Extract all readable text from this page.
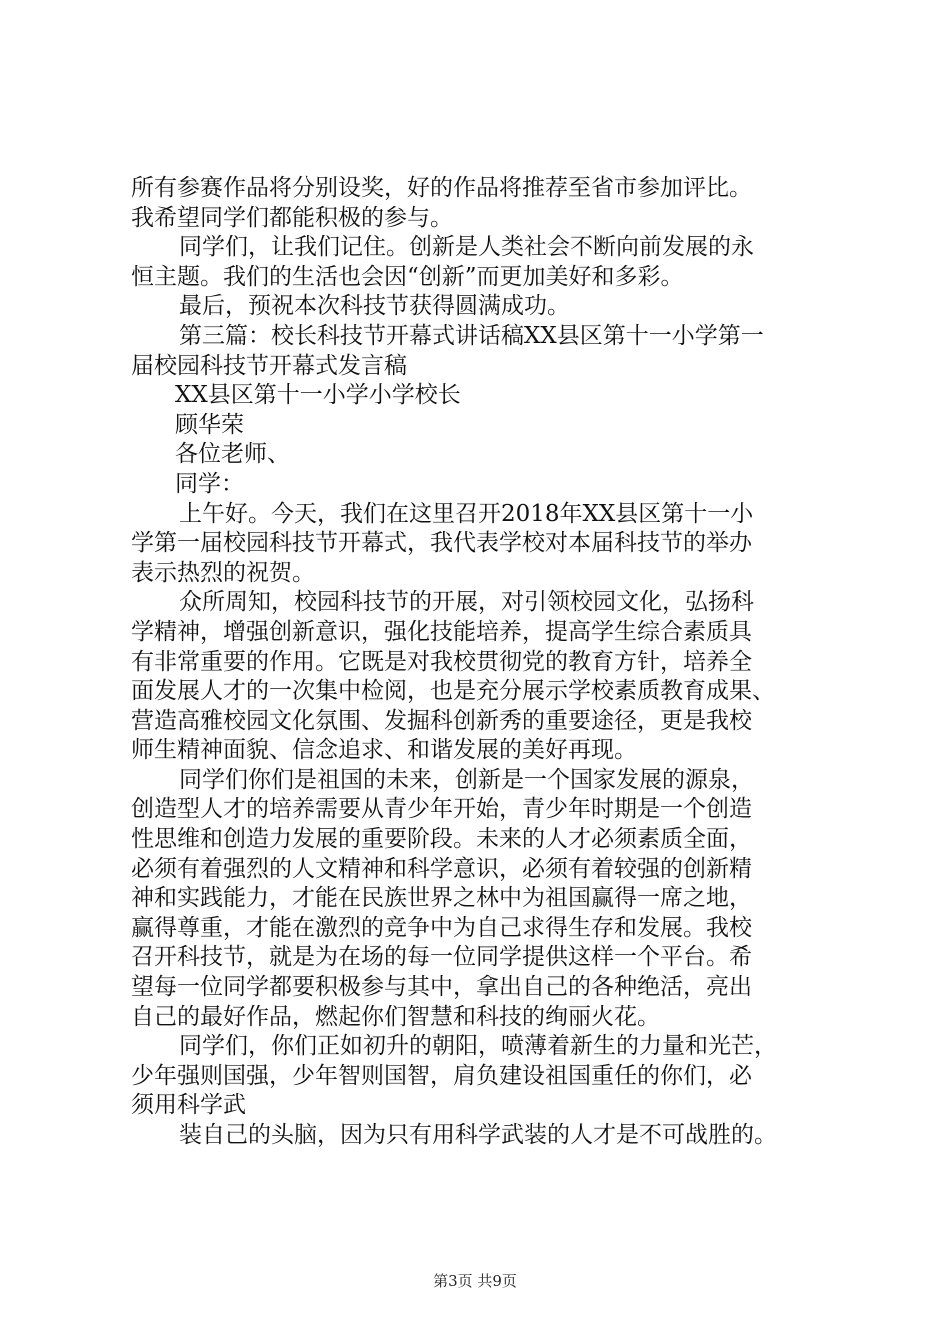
所有参赛作品将分别设奖，好的作品将推荐至省市参加评比。
我希望同学们都能积极的参与。
同学们，让我们记住。创新是人类社会不断向前发展的永
恒主题。我们的生活也会因“创新”而更加美好和多彩。
最后，预祝本次科技节获得圆满成功。
第三篇：校长科技节开幕式讲话稿XX县区第十一小学第一
届校园科技节开幕式发言稿
XX县区第十一小学小学校长
顾华荣
各位老师、
同学：
上午好。今天，我们在这里召开2018年XX县区第十一小
学第一届校园科技节开幕式，我代表学校对本届科技节的举办
表示热烈的祝贺。
众所周知，校园科技节的开展，对引领校园文化，弘扬科
学精神，增强创新意识，强化技能培养，提高学生综合素质具
有非常重要的作用。它既是对我校贯彻党的教育方针，培养全
面发展人才的一次集中检阅，也是充分展示学校素质教育成果、
营造高雅校园文化氛围、发掘科创新秀的重要途径，更是我校
师生精神面貌、信念追求、和谐发展的美好再现。
同学们你们是祖国的未来，创新是一个国家发展的源泉，
创造型人才的培养需要从青少年开始，青少年时期是一个创造
性思维和创造力发展的重要阶段。未来的人才必须素质全面，
必须有着强烈的人文精神和科学意识，必须有着较强的创新精
神和实践能力，才能在民族世界之林中为祖国赢得一席之地，
赢得尊重，才能在激烈的竞争中为自己求得生存和发展。我校
召开科技节，就是为在场的每一位同学提供这样一个平台。希
望每一位同学都要积极参与其中，拿出自己的各种绝活，亮出
自己的最好作品，燃起你们智慧和科技的绚丽火花。
同学们，你们正如初升的朝阳，喷薄着新生的力量和光芒，
少年强则国强，少年智则国智，肩负建设祖国重任的你们，必
须用科学武
装自己的头脑，因为只有用科学武装的人才是不可战胜的。
第3页 共9页
